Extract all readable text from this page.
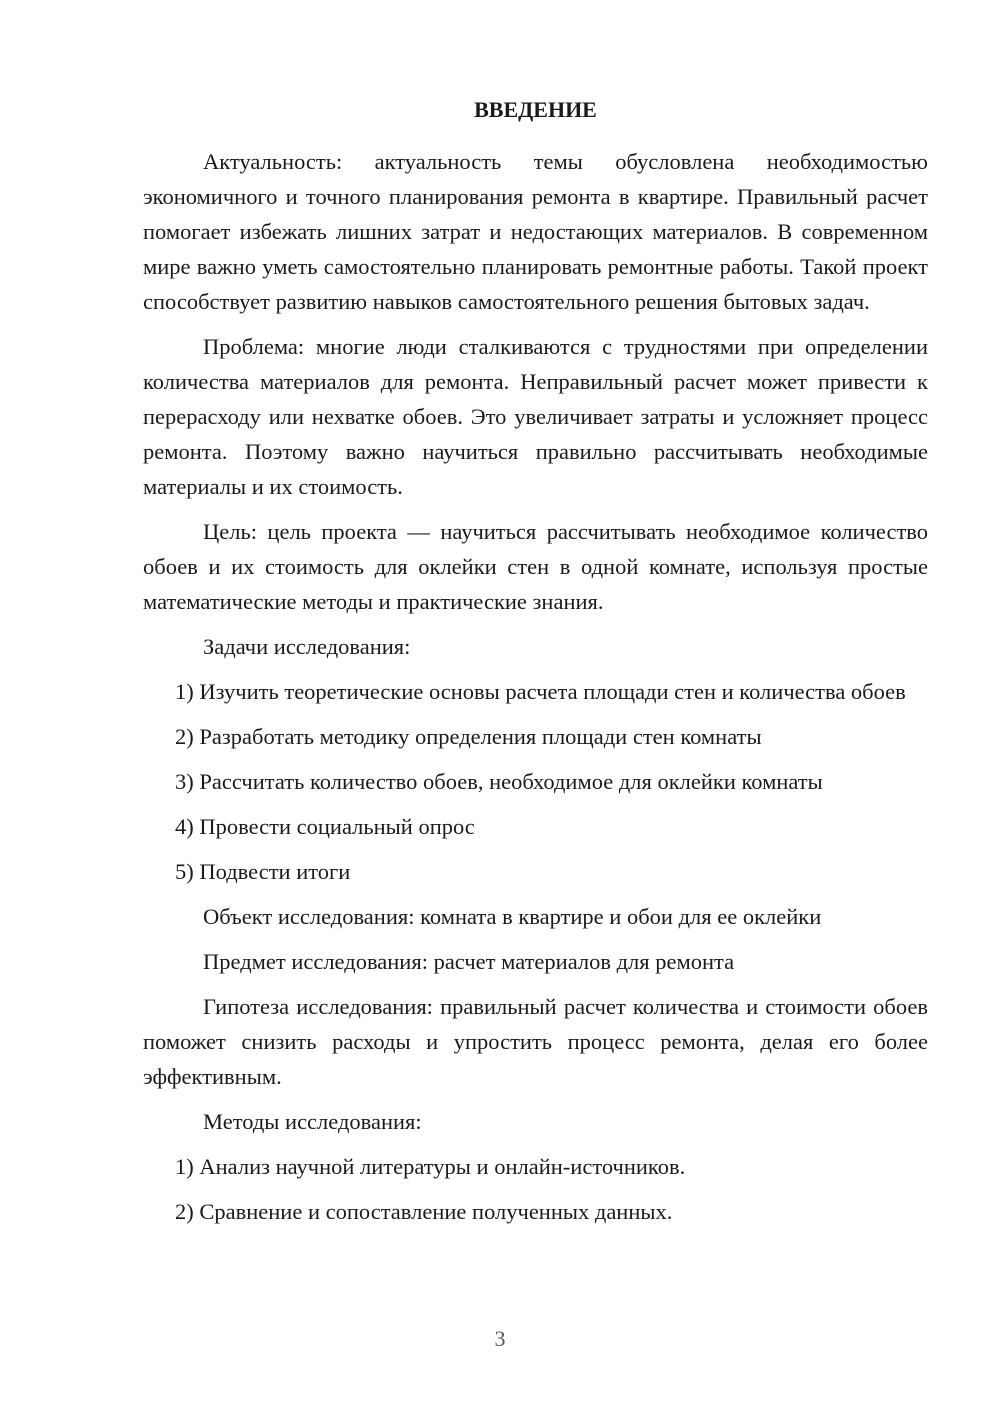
ВВЕДЕНИЕ

Актуальность: актуальность темы обусловлена необходимостью экономичного и точного планирования ремонта в квартире. Правильный расчет помогает избежать лишних затрат и недостающих материалов. В современном мире важно уметь самостоятельно планировать ремонтные работы. Такой проект способствует развитию навыков самостоятельного решения бытовых задач.

Проблема: многие люди сталкиваются с трудностями при определении количества материалов для ремонта. Неправильный расчет может привести к перерасходу или нехватке обоев. Это увеличивает затраты и усложняет процесс ремонта. Поэтому важно научиться правильно рассчитывать необходимые материалы и их стоимость.

Цель: цель проекта — научиться рассчитывать необходимое количество обоев и их стоимость для оклейки стен в одной комнате, используя простые математические методы и практические знания.

Задачи исследования:

1) Изучить теоретические основы расчета площади стен и количества обоев

2) Разработать методику определения площади стен комнаты

3) Рассчитать количество обоев, необходимое для оклейки комнаты

4) Провести социальный опрос

5) Подвести итоги

Объект исследования: комната в квартире и обои для ее оклейки

Предмет исследования: расчет материалов для ремонта

Гипотеза исследования: правильный расчет количества и стоимости обоев поможет снизить расходы и упростить процесс ремонта, делая его более эффективным.

Методы исследования:

1) Анализ научной литературы и онлайн-источников.

2) Сравнение и сопоставление полученных данных.

3
